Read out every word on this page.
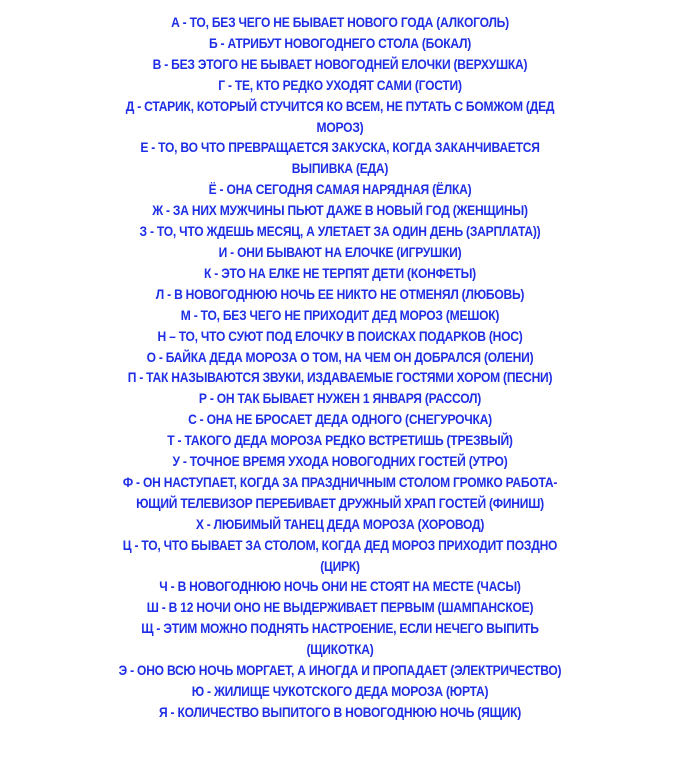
А - ТО, БЕЗ ЧЕГО НЕ БЫВАЕТ НОВОГО ГОДА (АЛКОГОЛЬ)
Б - АТРИБУТ НОВОГОДНЕГО СТОЛА (БОКАЛ)
В - БЕЗ ЭТОГО НЕ БЫВАЕТ НОВОГОДНЕЙ ЕЛОЧКИ (ВЕРХУШКА)
Г - ТЕ, КТО РЕДКО УХОДЯТ САМИ (ГОСТИ)
Д - СТАРИК, КОТОРЫЙ СТУЧИТСЯ КО ВСЕМ, НЕ ПУТАТЬ С БОМЖОМ (ДЕД
МОРОЗ)
Е - ТО, ВО ЧТО ПРЕВРАЩАЕТСЯ ЗАКУСКА, КОГДА ЗАКАНЧИВАЕТСЯ
ВЫПИВКА (ЕДА)
Ё - ОНА СЕГОДНЯ САМАЯ НАРЯДНАЯ (ЁЛКА)
Ж - ЗА НИХ МУЖЧИНЫ ПЬЮТ ДАЖЕ В НОВЫЙ ГОД (ЖЕНЩИНЫ)
З - ТО, ЧТО ЖДЕШЬ МЕСЯЦ, А УЛЕТАЕТ ЗА ОДИН ДЕНЬ (ЗАРПЛАТА))
И - ОНИ БЫВАЮТ НА ЕЛОЧКЕ (ИГРУШКИ)
К - ЭТО НА ЕЛКЕ НЕ ТЕРПЯТ ДЕТИ (КОНФЕТЫ)
Л - В НОВОГОДНЮЮ НОЧЬ ЕЕ НИКТО НЕ ОТМЕНЯЛ (ЛЮБОВЬ)
М - ТО, БЕЗ ЧЕГО НЕ ПРИХОДИТ ДЕД МОРОЗ (МЕШОК)
Н – ТО, ЧТО СУЮТ ПОД ЕЛОЧКУ В ПОИСКАХ ПОДАРКОВ (НОС)
О - БАЙКА ДЕДА МОРОЗА О ТОМ, НА ЧЕМ ОН ДОБРАЛСЯ (ОЛЕНИ)
П - ТАК НАЗЫВАЮТСЯ ЗВУКИ, ИЗДАВАЕМЫЕ ГОСТЯМИ ХОРОМ (ПЕСНИ)
Р - ОН ТАК БЫВАЕТ НУЖЕН 1 ЯНВАРЯ (РАССОЛ)
С - ОНА НЕ БРОСАЕТ ДЕДА ОДНОГО (СНЕГУРОЧКА)
Т - ТАКОГО ДЕДА МОРОЗА РЕДКО ВСТРЕТИШЬ (ТРЕЗВЫЙ)
У - ТОЧНОЕ ВРЕМЯ УХОДА НОВОГОДНИХ ГОСТЕЙ (УТРО)
Ф - ОН НАСТУПАЕТ, КОГДА ЗА ПРАЗДНИЧНЫМ СТОЛОМ ГРОМКО РАБОТА-
ЮЩИЙ ТЕЛЕВИЗОР ПЕРЕБИВАЕТ ДРУЖНЫЙ ХРАП ГОСТЕЙ (ФИНИШ)
Х - ЛЮБИМЫЙ ТАНЕЦ ДЕДА МОРОЗА (ХОРОВОД)
Ц - ТО, ЧТО БЫВАЕТ ЗА СТОЛОМ, КОГДА ДЕД МОРОЗ ПРИХОДИТ ПОЗДНО
(ЦИРК)
Ч - В НОВОГОДНЮЮ НОЧЬ ОНИ НЕ СТОЯТ НА МЕСТЕ (ЧАСЫ)
Ш - В 12 НОЧИ ОНО НЕ ВЫДЕРЖИВАЕТ ПЕРВЫМ (ШАМПАНСКОЕ)
Щ - ЭТИМ МОЖНО ПОДНЯТЬ НАСТРОЕНИЕ, ЕСЛИ НЕЧЕГО ВЫПИТЬ
(ЩИКОТКА)
Э - ОНО ВСЮ НОЧЬ МОРГАЕТ, А ИНОГДА И ПРОПАДАЕТ (ЭЛЕКТРИЧЕСТВО)
Ю - ЖИЛИЩЕ ЧУКОТСКОГО ДЕДА МОРОЗА (ЮРТА)
Я - КОЛИЧЕСТВО ВЫПИТОГО В НОВОГОДНЮЮ НОЧЬ (ЯЩИК)
